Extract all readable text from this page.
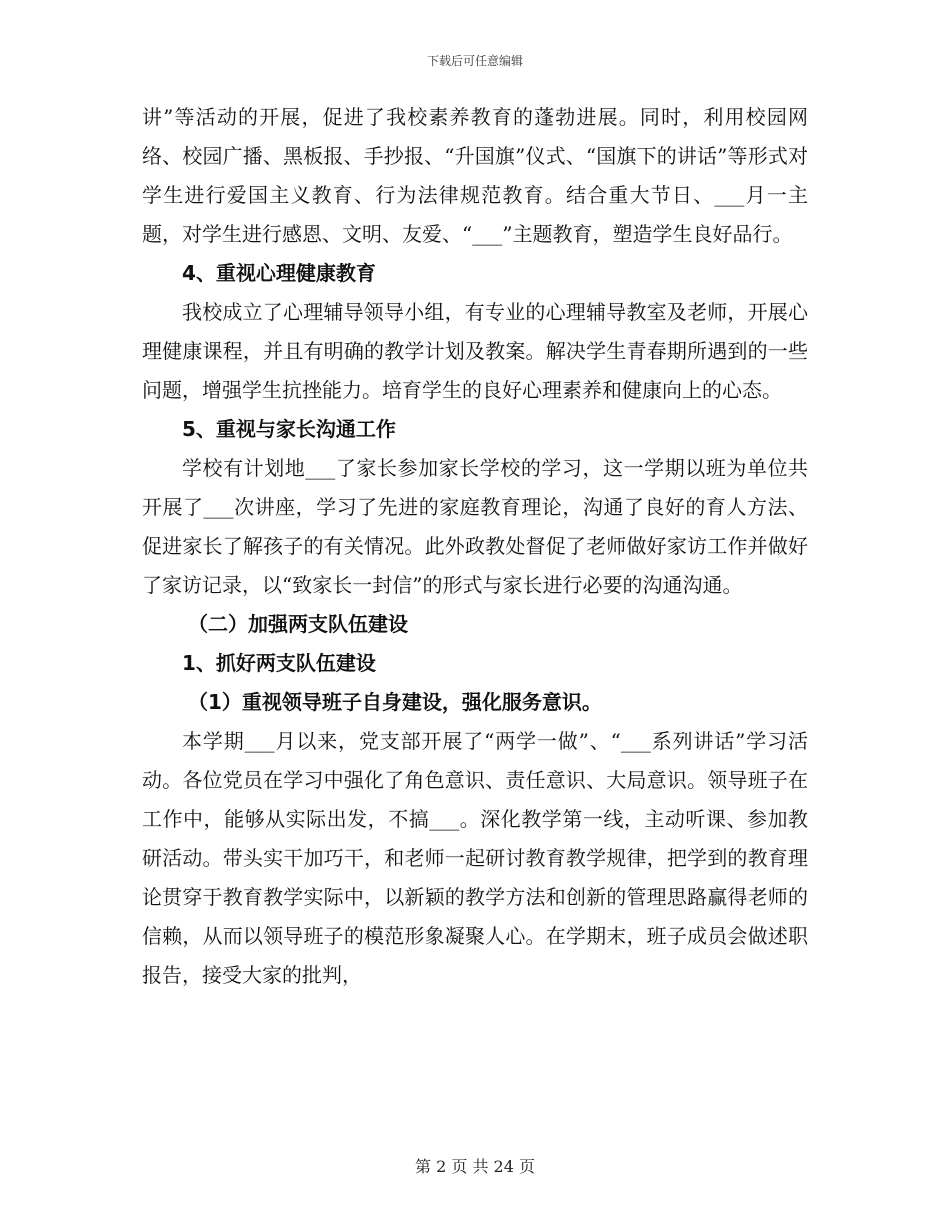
下载后可任意编辑

讲”等活动的开展，促进了我校素养教育的蓬勃进展。同时，利用校园网络、校园广播、黑板报、手抄报、“升国旗”仪式、“国旗下的讲话”等形式对学生进行爱国主义教育、行为法律规范教育。结合重大节日、___月一主题，对学生进行感恩、文明、友爱、“___”主题教育，塑造学生良好品行。

4、重视心理健康教育

我校成立了心理辅导领导小组，有专业的心理辅导教室及老师，开展心理健康课程，并且有明确的教学计划及教案。解决学生青春期所遇到的一些问题，增强学生抗挫能力。培育学生的良好心理素养和健康向上的心态。

5、重视与家长沟通工作

学校有计划地___了家长参加家长学校的学习，这一学期以班为单位共开展了___次讲座，学习了先进的家庭教育理论，沟通了良好的育人方法、促进家长了解孩子的有关情况。此外政教处督促了老师做好家访工作并做好了家访记录，以“致家长一封信”的形式与家长进行必要的沟通沟通。

（二）加强两支队伍建设

1、抓好两支队伍建设

（1）重视领导班子自身建设，强化服务意识。

本学期___月以来，党支部开展了“两学一做”、“___系列讲话”学习活动。各位党员在学习中强化了角色意识、责任意识、大局意识。领导班子在工作中，能够从实际出发，不搞___。深化教学第一线，主动听课、参加教研活动。带头实干加巧干，和老师一起研讨教育教学规律，把学到的教育理论贯穿于教育教学实际中，以新颖的教学方法和创新的管理思路赢得老师的信赖，从而以领导班子的模范形象凝聚人心。在学期末，班子成员会做述职报告，接受大家的批判，

第 2 页 共 24 页
